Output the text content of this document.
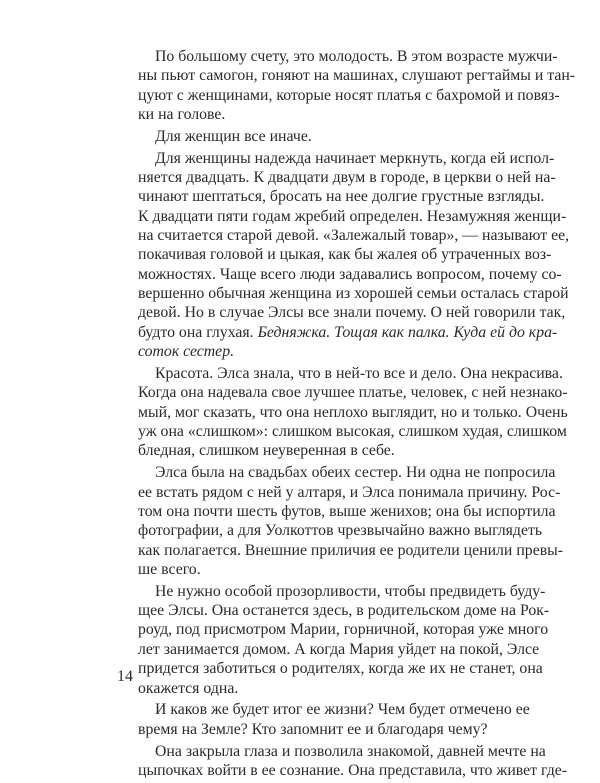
По большому счету, это молодость. В этом возрасте мужчи-
ны пьют самогон, гоняют на машинах, слушают регтаймы и тан-
цуют с женщинами, которые носят платья с бахромой и повяз-
ки на голове.
Для женщин все иначе.
Для женщины надежда начинает меркнуть, когда ей испол-
няется двадцать. К двадцати двум в городе, в церкви о ней на-
чинают шептаться, бросать на нее долгие грустные взгляды.
К двадцати пяти годам жребий определен. Незамужняя женщи-
на считается старой девой. «Залежалый товар», — называют ее,
покачивая головой и цыкая, как бы жалея об утраченных воз-
можностях. Чаще всего люди задавались вопросом, почему со-
вершенно обычная женщина из хорошей семьи осталась старой
девой. Но в случае Элсы все знали почему. О ней говорили так,
будто она глухая. Бедняжка. Тощая как палка. Куда ей до кра-
соток сестер.
Красота. Элса знала, что в ней-то все и дело. Она некрасива.
Когда она надевала свое лучшее платье, человек, с ней незнако-
мый, мог сказать, что она неплохо выглядит, но и только. Очень
уж она «слишком»: слишком высокая, слишком худая, слишком
бледная, слишком неуверенная в себе.
Элса была на свадьбах обеих сестер. Ни одна не попросила
ее встать рядом с ней у алтаря, и Элса понимала причину. Рос-
том она почти шесть футов, выше женихов; она бы испортила
фотографии, а для Уолкоттов чрезвычайно важно выглядеть
как полагается. Внешние приличия ее родители ценили превы-
ше всего.
Не нужно особой прозорливости, чтобы предвидеть буду-
щее Элсы. Она останется здесь, в родительском доме на Рок-
роуд, под присмотром Марии, горничной, которая уже много
лет занимается домом. А когда Мария уйдет на покой, Элсе
придется заботиться о родителях, когда же их не станет, она
окажется одна.
И каков же будет итог ее жизни? Чем будет отмечено ее
время на Земле? Кто запомнит ее и благодаря чему?
Она закрыла глаза и позволила знакомой, давней мечте на
цыпочках войти в ее сознание. Она представила, что живет где-
14
